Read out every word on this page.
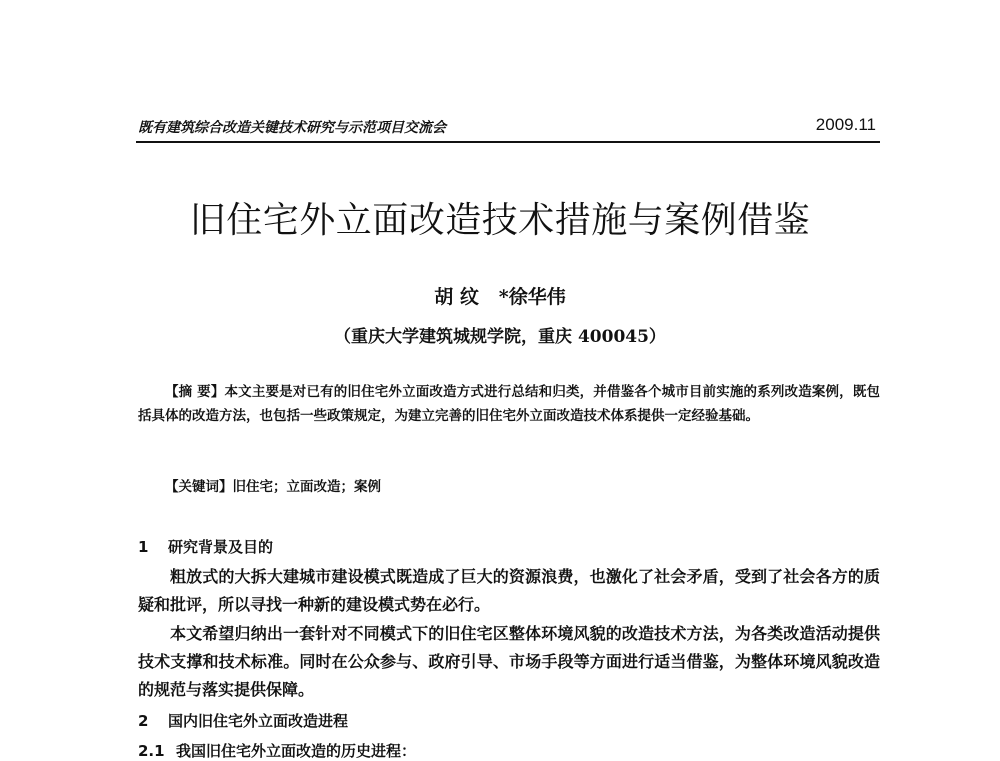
既有建筑综合改造关键技术研究与示范项目交流会	2009.11
旧住宅外立面改造技术措施与案例借鉴
胡 纹   *徐华伟
（重庆大学建筑城规学院，重庆 400045）

【摘 要】本文主要是对已有的旧住宅外立面改造方式进行总结和归类，并借鉴各个城市目前实施的系列改造案例，既包括具体的改造方法，也包括一些政策规定，为建立完善的旧住宅外立面改造技术体系提供一定经验基础。

【关键词】旧住宅；立面改造；案例

1 研究背景及目的

粗放式的大拆大建城市建设模式既造成了巨大的资源浪费，也激化了社会矛盾，受到了社会各方的质疑和批评，所以寻找一种新的建设模式势在必行。

本文希望归纳出一套针对不同模式下的旧住宅区整体环境风貌的改造技术方法，为各类改造活动提供技术支撑和技术标准。同时在公众参与、政府引导、市场手段等方面进行适当借鉴，为整体环境风貌改造的规范与落实提供保障。

2 国内旧住宅外立面改造进程

2.1 我国旧住宅外立面改造的历史进程：
